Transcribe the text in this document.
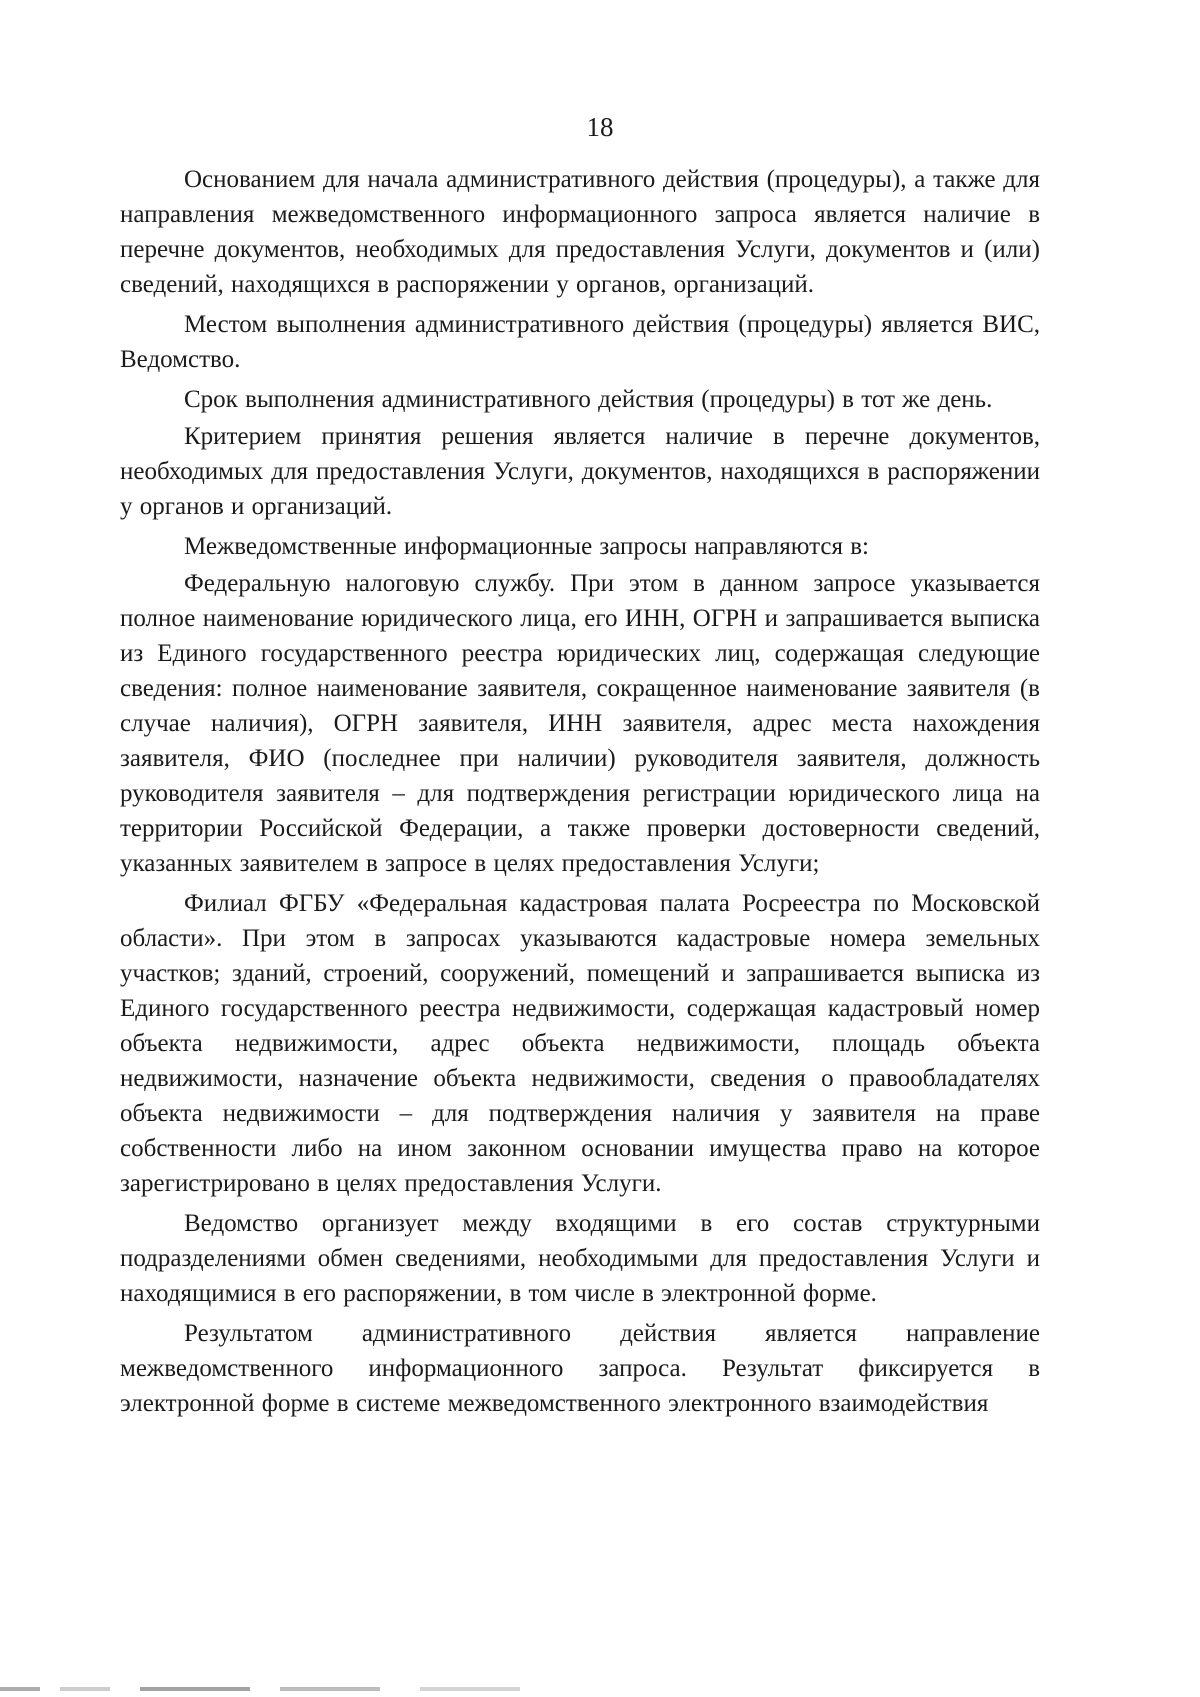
18

Основанием для начала административного действия (процедуры), а также для направления межведомственного информационного запроса является наличие в перечне документов, необходимых для предоставления Услуги, документов и (или) сведений, находящихся в распоряжении у органов, организаций.

Местом выполнения административного действия (процедуры) является ВИС, Ведомство.

Срок выполнения административного действия (процедуры) в тот же день.

Критерием принятия решения является наличие в перечне документов, необходимых для предоставления Услуги, документов, находящихся в распоряжении у органов и организаций.

Межведомственные информационные запросы направляются в:

Федеральную налоговую службу. При этом в данном запросе указывается полное наименование юридического лица, его ИНН, ОГРН и запрашивается выписка из Единого государственного реестра юридических лиц, содержащая следующие сведения: полное наименование заявителя, сокращенное наименование заявителя (в случае наличия), ОГРН заявителя, ИНН заявителя, адрес места нахождения заявителя, ФИО (последнее при наличии) руководителя заявителя, должность руководителя заявителя – для подтверждения регистрации юридического лица на территории Российской Федерации, а также проверки достоверности сведений, указанных заявителем в запросе в целях предоставления Услуги;

Филиал ФГБУ «Федеральная кадастровая палата Росреестра по Московской области». При этом в запросах указываются кадастровые номера земельных участков; зданий, строений, сооружений, помещений и запрашивается выписка из Единого государственного реестра недвижимости, содержащая кадастровый номер объекта недвижимости, адрес объекта недвижимости, площадь объекта недвижимости, назначение объекта недвижимости, сведения о правообладателях объекта недвижимости – для подтверждения наличия у заявителя на праве собственности либо на ином законном основании имущества право на которое зарегистрировано в целях предоставления Услуги.

Ведомство организует между входящими в его состав структурными подразделениями обмен сведениями, необходимыми для предоставления Услуги и находящимися в его распоряжении, в том числе в электронной форме.

Результатом административного действия является направление межведомственного информационного запроса. Результат фиксируется в электронной форме в системе межведомственного электронного взаимодействия
